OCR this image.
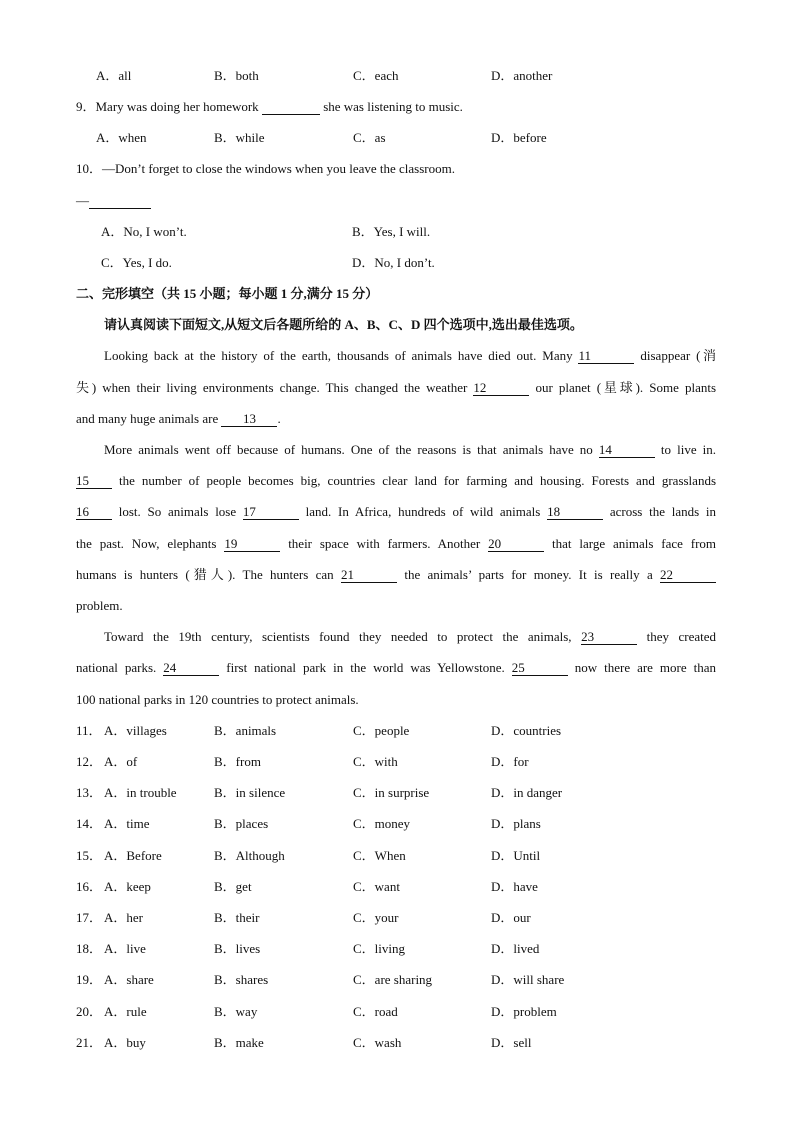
A．all	B．both	C．each	D．another
9．Mary was doing her homework	she was listening to music.
A．when	B．while	C．as	D．before
10．—Don’t forget to close the windows when you leave the classroom.
—
A．No, I won’t.	B．Yes, I will.
C．Yes, I do.	D．No, I don’t.
二、完形填空（共 15 小题；每小题 1 分,满分 15 分）
请认真阅读下面短文,从短文后各题所给的 A、B、C、D 四个选项中,选出最佳选项。
Looking back at the history of the earth, thousands of animals have died out. Many 11	disappear (消
失) when their living environments change. This changed the weather 12	our planet (星球). Some plants
and many huge animals are 13 .
More animals went off because of humans. One of the reasons is that animals have no 14	to live in.
15 the number of people becomes big, countries clear land for farming and housing. Forests and grasslands
16 lost. So animals lose 17	land. In Africa, hundreds of wild animals 18	across the lands in
the past. Now, elephants 19	their space with farmers. Another 20	that large animals face from
humans is hunters (猎人). The hunters can 21	the animals’ parts for money. It is really a 22
problem.
Toward the 19th century, scientists found they needed to protect the animals, 23	they created
national parks. 24	first national park in the world was Yellowstone. 25	now there are more than
100 national parks in 120 countries to protect animals.
11． A．villages	B．animals	C．people	D．countries
12． A．of	B．from	C．with	D．for
13． A．in trouble	B．in silence	C．in surprise	D．in danger
14． A．time	B．places	C．money	D．plans
15． A．Before	B．Although	C．When	D．Until
16． A．keep	B．get	C．want	D．have
17． A．her	B．their	C．your	D．our
18． A．live	B．lives	C．living	D．lived
19． A．share	B．shares	C．are sharing	D．will share
20． A．rule	B．way	C．road	D．problem
21． A．buy	B．make	C．wash	D．sell
